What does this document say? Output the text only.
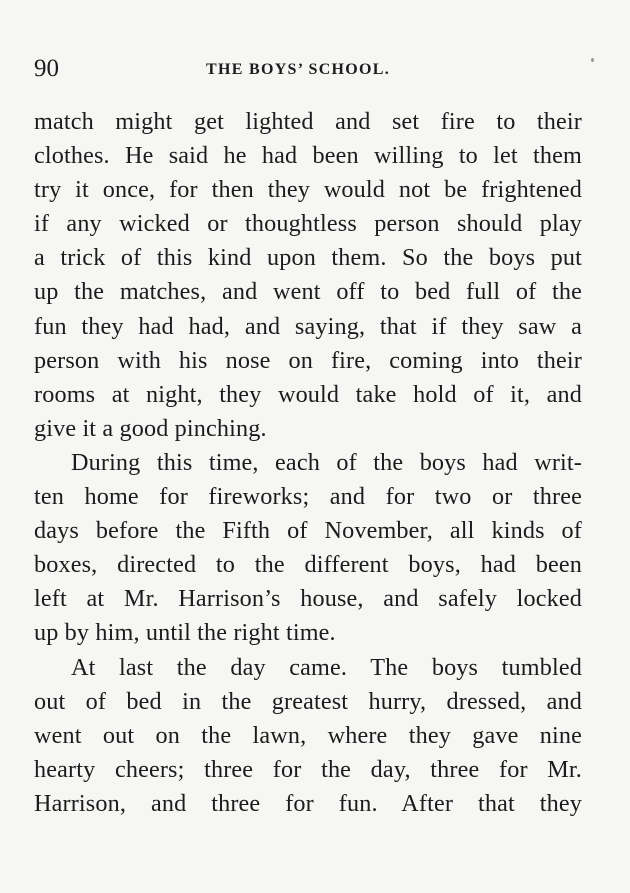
90	THE BOYS’ SCHOOL.
match might get lighted and set fire to their
clothes. He said he had been willing to let them
try it once, for then they would not be frightened
if any wicked or thoughtless person should play
a trick of this kind upon them. So the boys put
up the matches, and went off to bed full of the
fun they had had, and saying, that if they saw a
person with his nose on fire, coming into their
rooms at night, they would take hold of it, and
give it a good pinching.
During this time, each of the boys had writ-
ten home for fireworks; and for two or three
days before the Fifth of November, all kinds of
boxes, directed to the different boys, had been
left at Mr. Harrison’s house, and safely locked
up by him, until the right time.
At last the day came. The boys tumbled
out of bed in the greatest hurry, dressed, and
went out on the lawn, where they gave nine
hearty cheers; three for the day, three for Mr.
Harrison, and three for fun. After that they
